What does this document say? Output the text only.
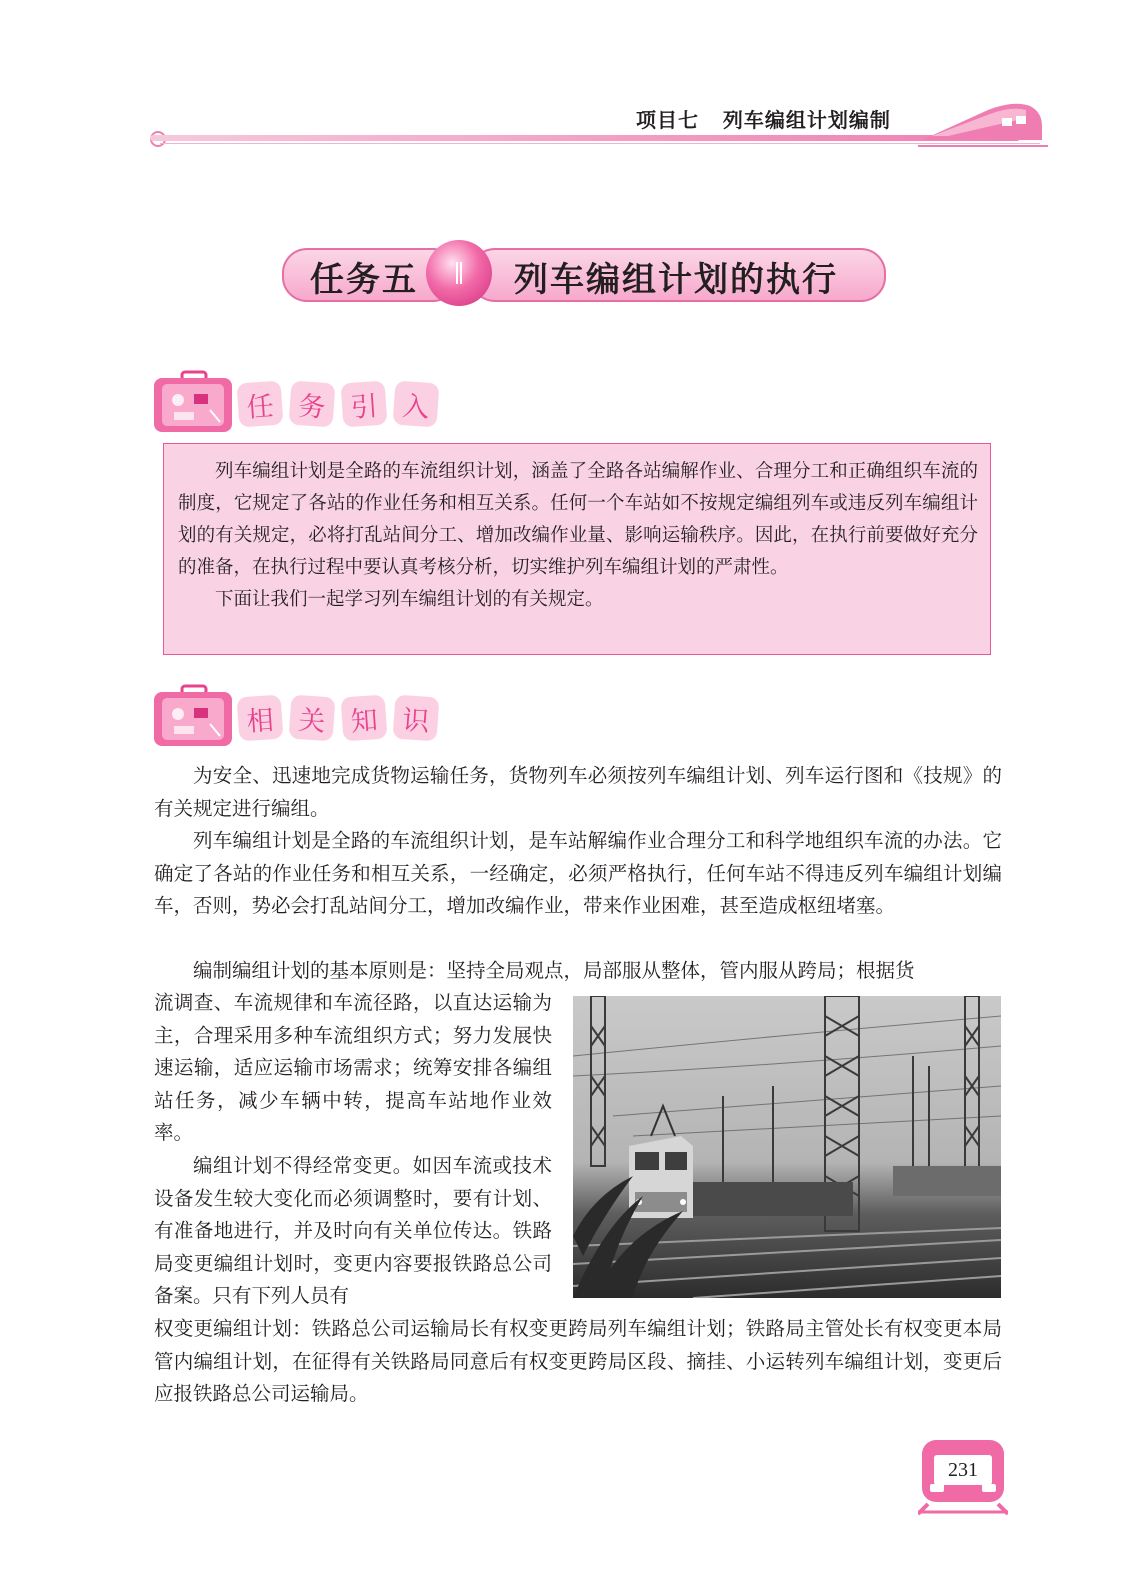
项目七   列车编组计划编制
任务五	列车编组计划的执行
任 务 引 入

列车编组计划是全路的车流组织计划，涵盖了全路各站编解作业、合理分工和正确组织车流的制度，它规定了各站的作业任务和相互关系。任何一个车站如不按规定编组列车或违反列车编组计划的有关规定，必将打乱站间分工、增加改编作业量、影响运输秩序。因此，在执行前要做好充分的准备，在执行过程中要认真考核分析，切实维护列车编组计划的严肃性。

下面让我们一起学习列车编组计划的有关规定。

相 关 知 识

为安全、迅速地完成货物运输任务，货物列车必须按列车编组计划、列车运行图和《技规》的有关规定进行编组。

列车编组计划是全路的车流组织计划，是车站解编作业合理分工和科学地组织车流的办法。它确定了各站的作业任务和相互关系，一经确定，必须严格执行，任何车站不得违反列车编组计划编车，否则，势必会打乱站间分工，增加改编作业，带来作业困难，甚至造成枢纽堵塞。

编制编组计划的基本原则是：坚持全局观点，局部服从整体，管内服从跨局；根据货

流调查、车流规律和车流径路，以直达运输为主，合理采用多种车流组织方式；努力发展快速运输，适应运输市场需求；统筹安排各编组站任务，减少车辆中转，提高车站地作业效率。

编组计划不得经常变更。如因车流或技术设备发生较大变化而必须调整时，要有计划、有准备地进行，并及时向有关单位传达。铁路局变更编组计划时，变更内容要报铁路总公司备案。只有下列人员有

权变更编组计划：铁路总公司运输局长有权变更跨局列车编组计划；铁路局主管处长有权变更本局管内编组计划，在征得有关铁路局同意后有权变更跨局区段、摘挂、小运转列车编组计划，变更后应报铁路总公司运输局。

231
